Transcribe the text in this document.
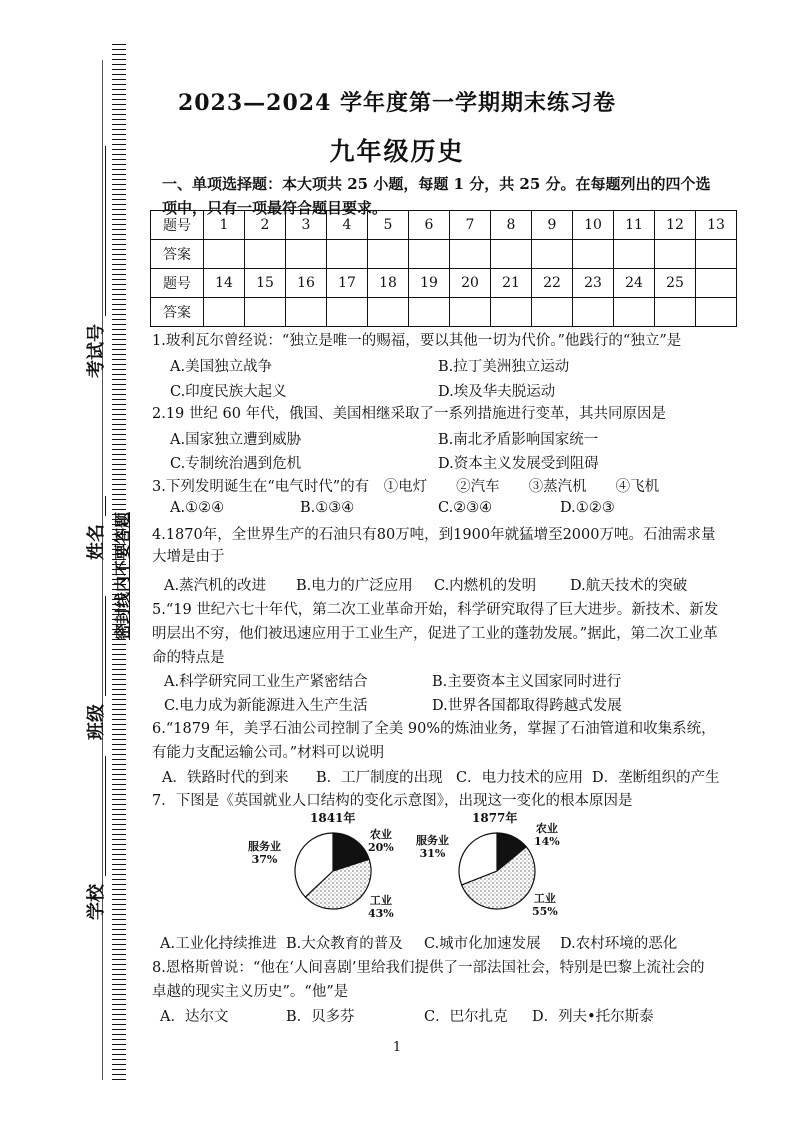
考试号
姓名 密封线内不要答题
班级
学校
2023—2024 学年度第一学期期末练习卷
九年级历史
一、单项选择题：本大项共 25 小题，每题 1 分，共 25 分。在每题列出的四个选项中，只有一项最符合题目要求。
题号	1	2	3	4	5	6	7	8	9	10	11	12	13
答案													
题号	14	15	16	17	18	19	20	21	22	23	24	25	
答案													
1.玻利瓦尔曾经说：“独立是唯一的赐福，要以其他一切为代价。”他践行的“独立”是
A.美国独立战争	B.拉丁美洲独立运动
C.印度民族大起义	D.埃及华夫脱运动
2.19 世纪 60 年代，俄国、美国相继采取了一系列措施进行变革，其共同原因是
A.国家独立遭到威胁	B.南北矛盾影响国家统一
C.专制统治遇到危机	D.资本主义发展受到阻碍
3.下列发明诞生在“电气时代”的有　①电灯　　②汽车　　③蒸汽机　　④飞机
A.①②④	B.①③④	C.②③④	D.①②③
4.1870年，全世界生产的石油只有80万吨，到1900年就猛增至2000万吨。石油需求量大增是由于
A.蒸汽机的改进 B.电力的广泛应用 C.内燃机的发明 D.航天技术的突破
5.“19 世纪六七十年代，第二次工业革命开始，科学研究取得了巨大进步。新技术、新发明层出不穷，他们被迅速应用于工业生产，促进了工业的蓬勃发展。”据此，第二次工业革命的特点是
A.科学研究同工业生产紧密结合	B.主要资本主义国家同时进行
C.电力成为新能源进入生产生活	D.世界各国都取得跨越式发展
6.“1879 年，美孚石油公司控制了全美 90%的炼油业务，掌握了石油管道和收集系统，有能力支配运输公司。”材料可以说明
A．铁路时代的到来 B．工厂制度的出现 C．电力技术的应用 D．垄断组织的产生
7．下图是《英国就业人口结构的变化示意图》，出现这一变化的根本原因是
1841年
服务业
37%
农业
20%
工业
43%
1877年
服务业
31%
农业
14%
工业
55%
A.工业化持续推进 B.大众教育的普及 C.城市化加速发展 D.农村环境的恶化
8.恩格斯曾说：“他在‘人间喜剧’里给我们提供了一部法国社会，特别是巴黎上流社会的卓越的现实主义历史”。“他”是
A．达尔文	B．贝多芬	C．巴尔扎克 D．列夫•托尔斯泰
1
